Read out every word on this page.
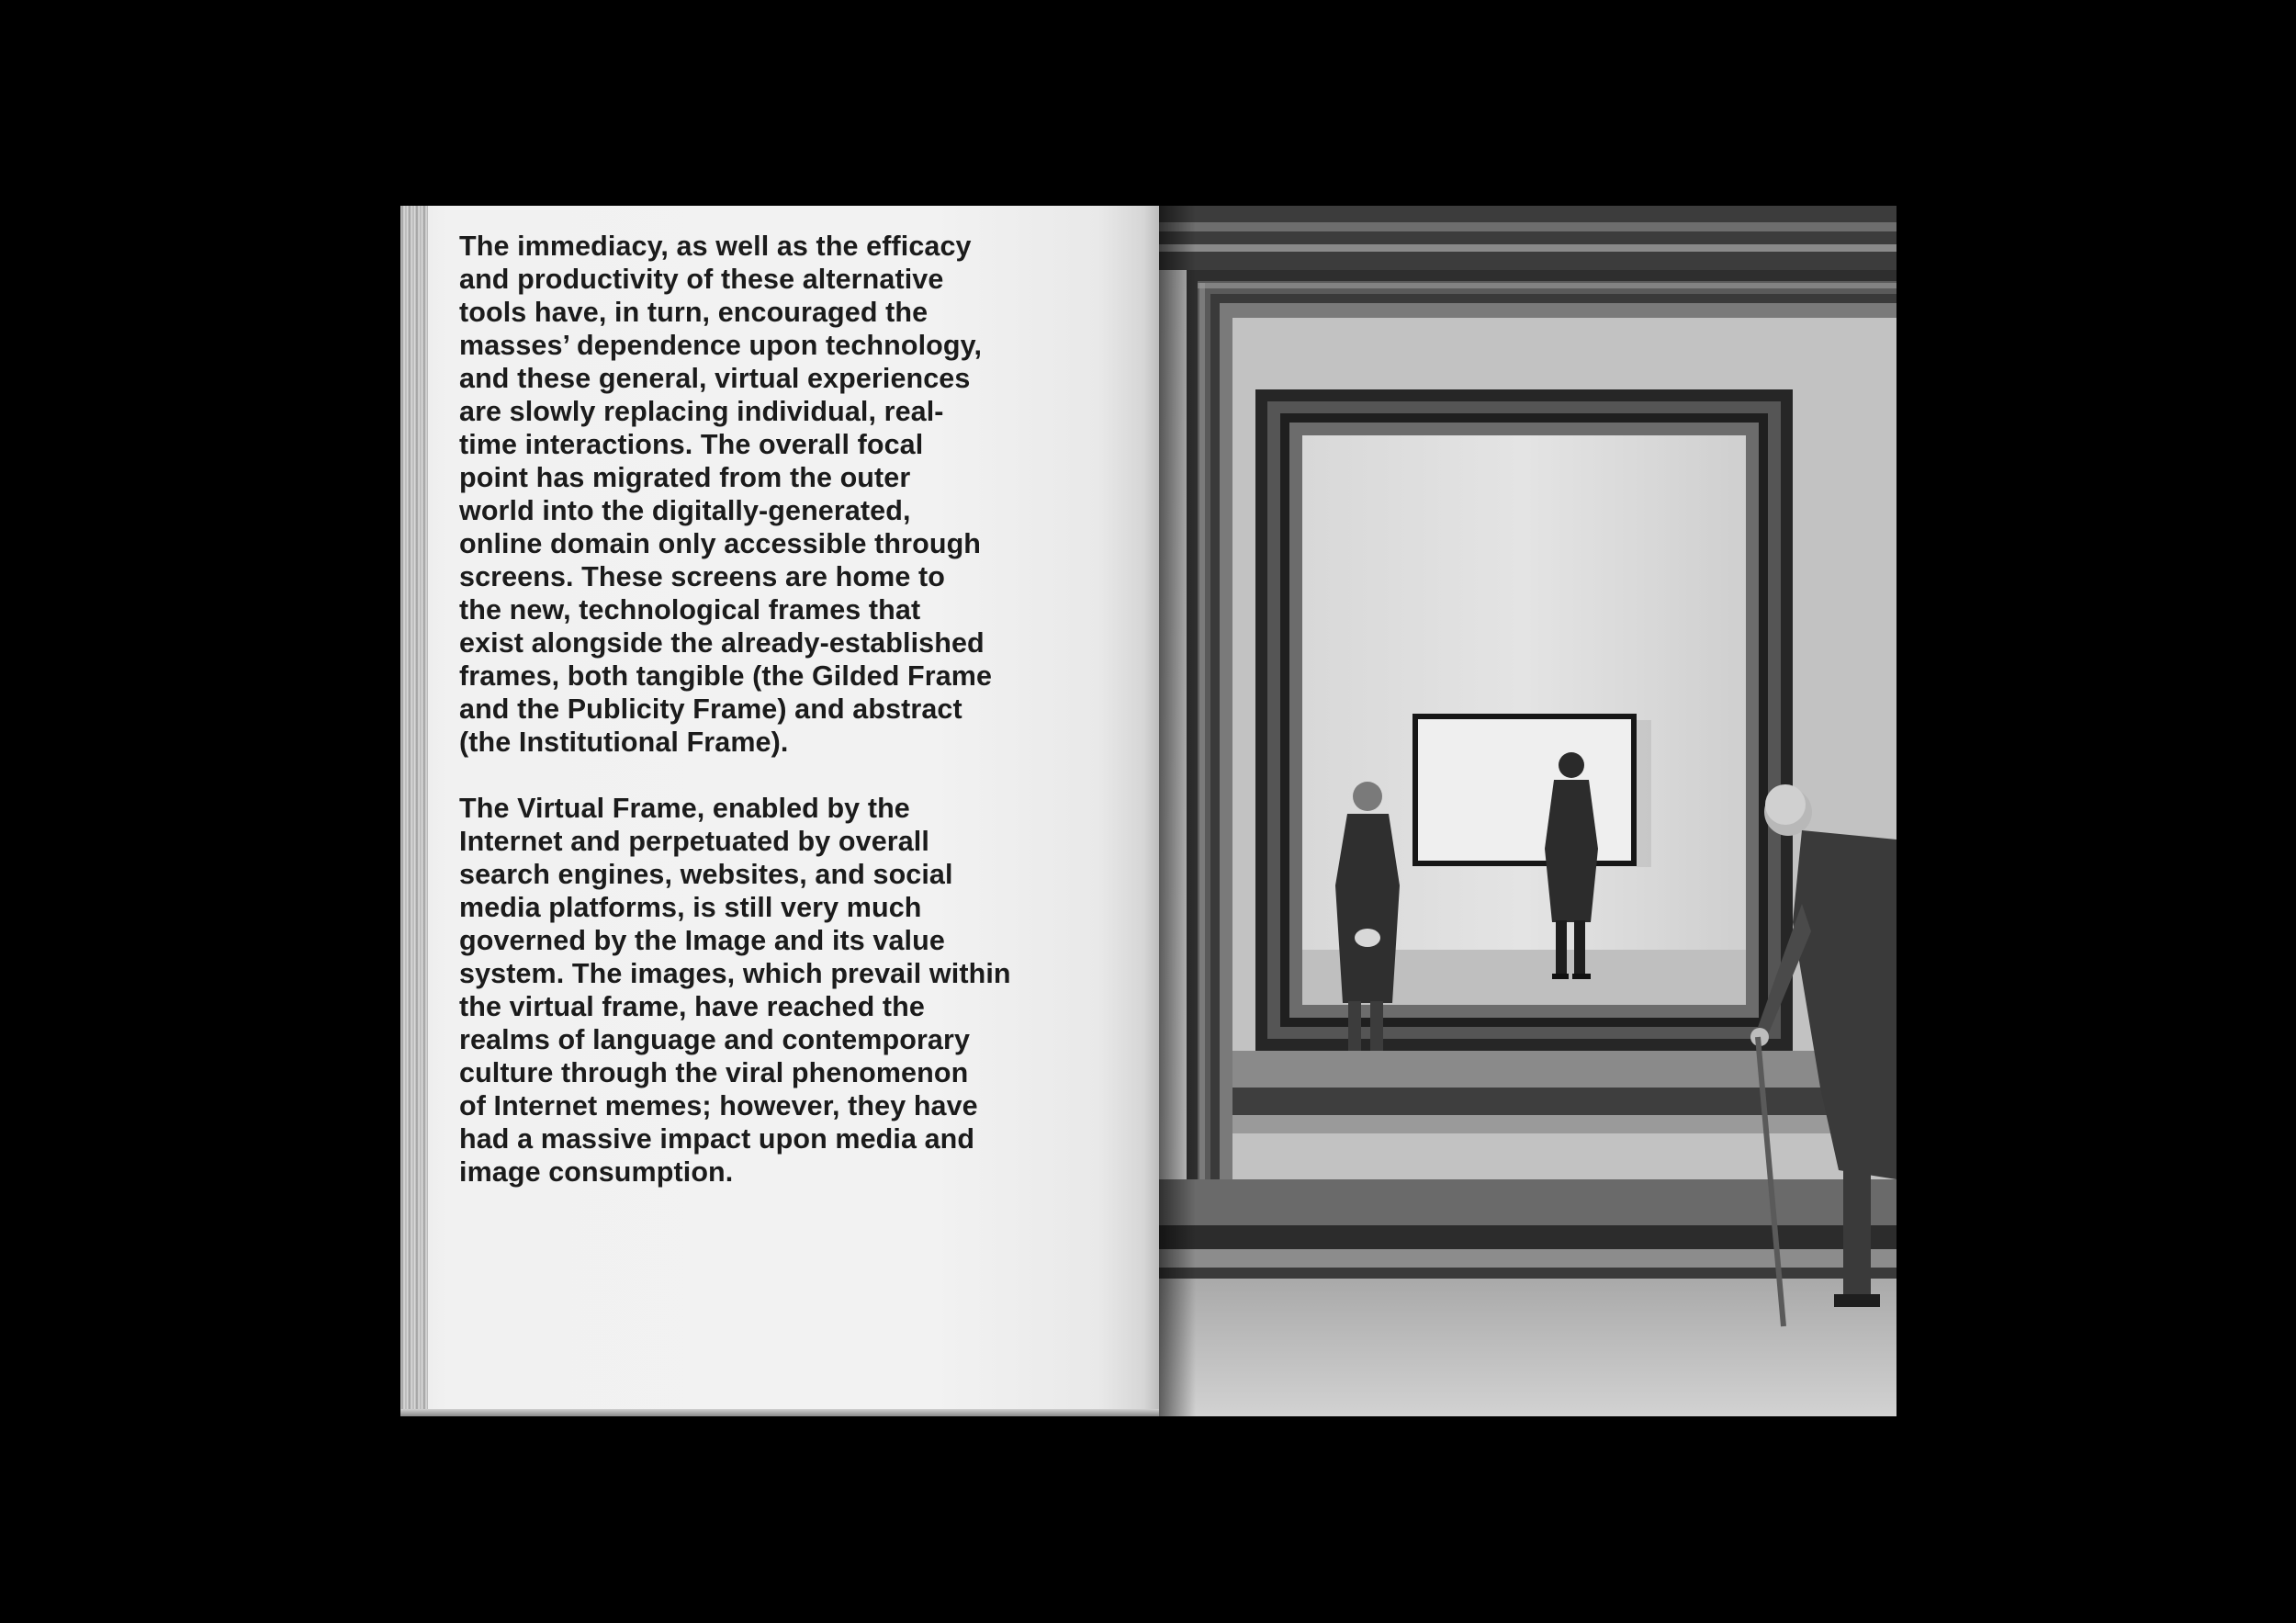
The immediacy, as well as the efficacy
and productivity of these alternative
tools have, in turn, encouraged the
masses’ dependence upon technology,
and these general, virtual experiences
are slowly replacing individual, real-
time interactions. The overall focal
point has migrated from the outer
world into the digitally-generated,
online domain only accessible through
screens. These screens are home to
the new, technological frames that
exist alongside the already-established
frames, both tangible (the Gilded Frame
and the Publicity Frame) and abstract
(the Institutional Frame).

The Virtual Frame, enabled by the
Internet and perpetuated by overall
search engines, websites, and social
media platforms, is still very much
governed by the Image and its value
system. The images, which prevail within
the virtual frame, have reached the
realms of language and contemporary
culture through the viral phenomenon
of Internet memes; however, they have
had a massive impact upon media and
image consumption.
